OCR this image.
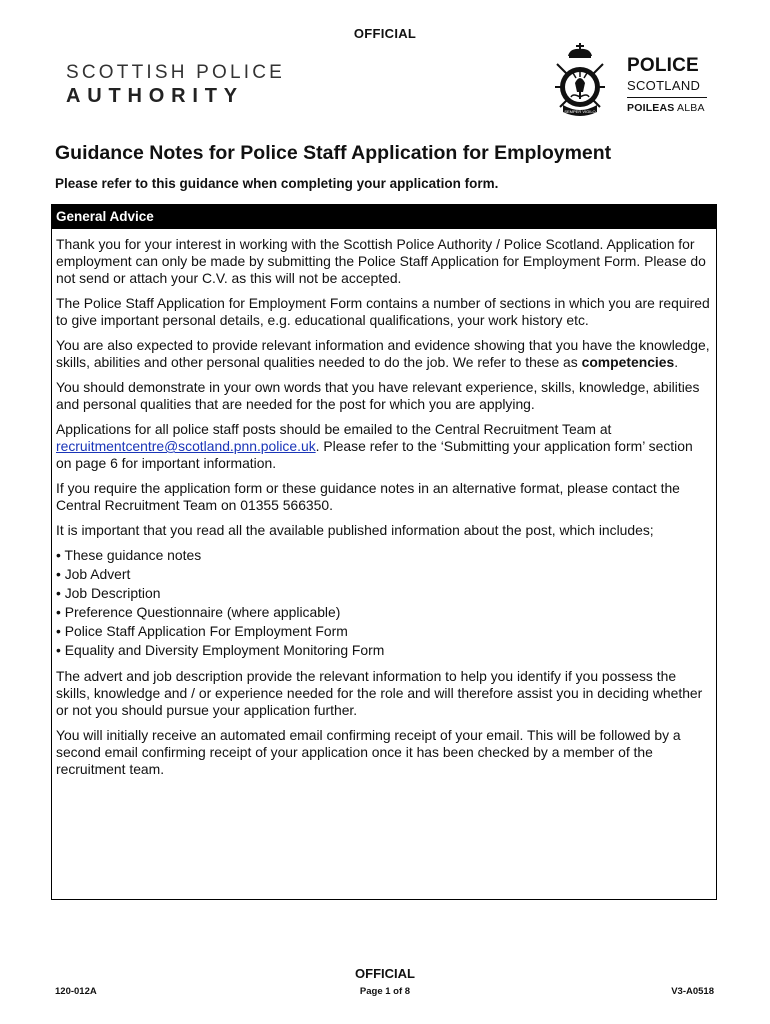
OFFICIAL
SCOTTISH POLICE
AUTHORITY
SEMPER VIGILO
POLICE
SCOTLAND
POILEAS ALBA
Guidance Notes for Police Staff Application for Employment
Please refer to this guidance when completing your application form.
General Advice

Thank you for your interest in working with the Scottish Police Authority / Police Scotland. Application for employment can only be made by submitting the Police Staff Application for Employment Form. Please do not send or attach your C.V. as this will not be accepted.

The Police Staff Application for Employment Form contains a number of sections in which you are required to give important personal details, e.g. educational qualifications, your work history etc.

You are also expected to provide relevant information and evidence showing that you have the knowledge, skills, abilities and other personal qualities needed to do the job. We refer to these as competencies.

You should demonstrate in your own words that you have relevant experience, skills, knowledge, abilities and personal qualities that are needed for the post for which you are applying.

Applications for all police staff posts should be emailed to the Central Recruitment Team at recruitmentcentre@scotland.pnn.police.uk. Please refer to the ‘Submitting your application form’ section on page 6 for important information.

If you require the application form or these guidance notes in an alternative format, please contact the Central Recruitment Team on 01355 566350.

It is important that you read all the available published information about the post, which includes;

• These guidance notes
• Job Advert
• Job Description
• Preference Questionnaire (where applicable)
• Police Staff Application For Employment Form
• Equality and Diversity Employment Monitoring Form

The advert and job description provide the relevant information to help you identify if you possess the skills, knowledge and / or experience needed for the role and will therefore assist you in deciding whether or not you should pursue your application further.

You will initially receive an automated email confirming receipt of your email. This will be followed by a second email confirming receipt of your application once it has been checked by a member of the recruitment team.

OFFICIAL
120-012A	Page 1 of 8	V3-A0518
